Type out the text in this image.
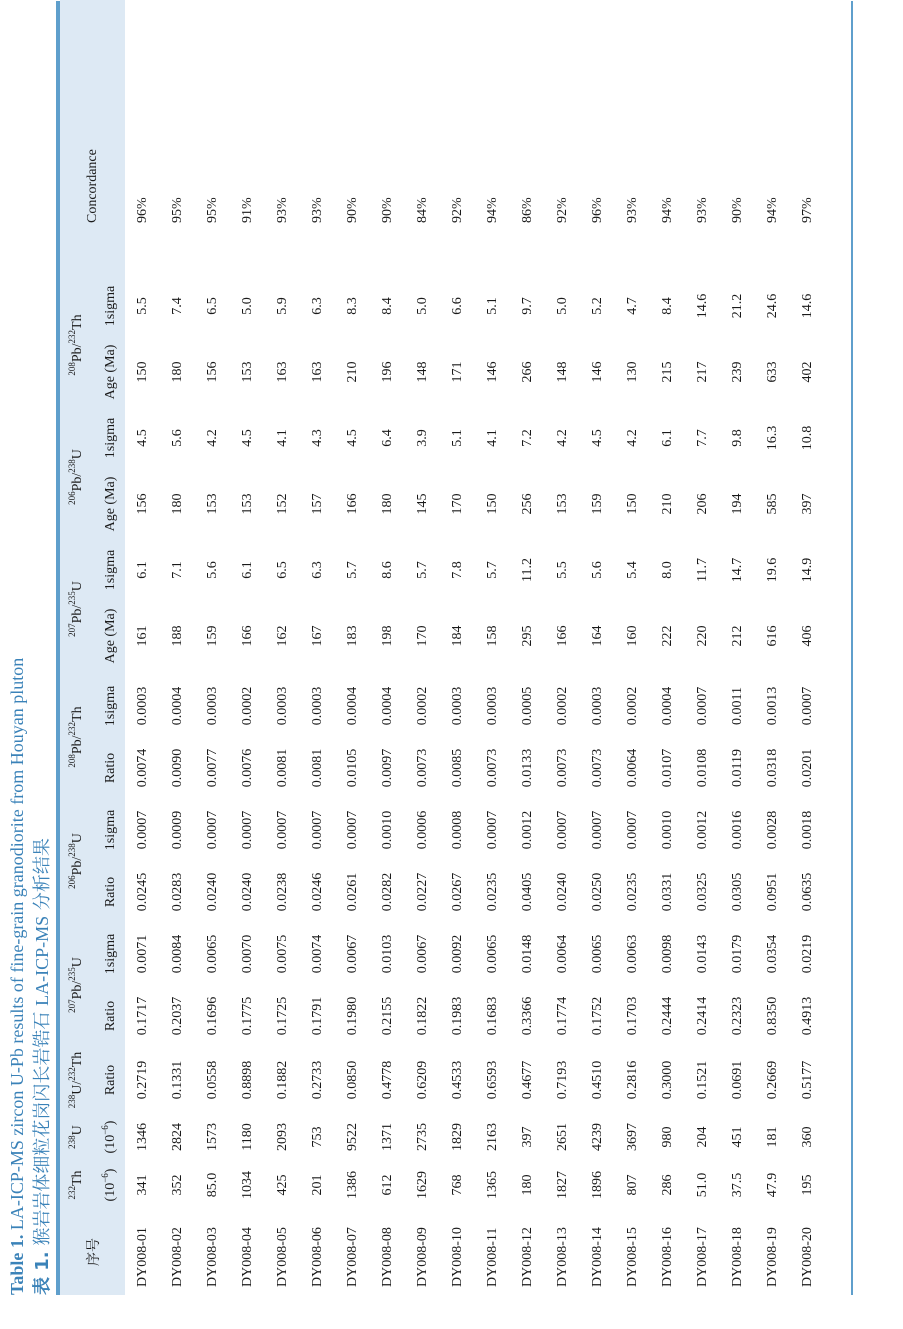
Table 1. LA-ICP-MS zircon U-Pb results of fine-grain granodiorite from Houyan pluton
表 1. 猴岩岩体细粒花岗闪长岩锆石 LA-ICP-MS 分析结果
序号	$^{232}$Th	$^{238}$U	$^{238}$U/$^{232}$Th	$^{207}$Pb/$^{235}$U		$^{206}$Pb/$^{238}$U		$^{208}$Pb/$^{232}$Th		$^{207}$Pb/$^{235}$U		$^{206}$Pb/$^{238}$U		$^{208}$Pb/$^{232}$Th		Concordance

	$(10^{-6})$	$(10^{-6})$	Ratio	Ratio	1sigma	Ratio	1sigma	Ratio	1sigma	Age (Ma)	1sigma	Age (Ma)	1sigma	Age (Ma)	1sigma	
DY008-01	341	1346	0.2719	0.1717	0.0071	0.0245	0.0007	0.0074	0.0003	161	6.1	156	4.5	150	5.5	96%
DY008-02	352	2824	0.1331	0.2037	0.0084	0.0283	0.0009	0.0090	0.0004	188	7.1	180	5.6	180	7.4	95%
DY008-03	85.0	1573	0.0558	0.1696	0.0065	0.0240	0.0007	0.0077	0.0003	159	5.6	153	4.2	156	6.5	95%
DY008-04	1034	1180	0.8898	0.1775	0.0070	0.0240	0.0007	0.0076	0.0002	166	6.1	153	4.5	153	5.0	91%
DY008-05	425	2093	0.1882	0.1725	0.0075	0.0238	0.0007	0.0081	0.0003	162	6.5	152	4.1	163	5.9	93%
DY008-06	201	753	0.2733	0.1791	0.0074	0.0246	0.0007	0.0081	0.0003	167	6.3	157	4.3	163	6.3	93%
DY008-07	1386	9522	0.0850	0.1980	0.0067	0.0261	0.0007	0.0105	0.0004	183	5.7	166	4.5	210	8.3	90%
DY008-08	612	1371	0.4778	0.2155	0.0103	0.0282	0.0010	0.0097	0.0004	198	8.6	180	6.4	196	8.4	90%
DY008-09	1629	2735	0.6209	0.1822	0.0067	0.0227	0.0006	0.0073	0.0002	170	5.7	145	3.9	148	5.0	84%
DY008-10	768	1829	0.4533	0.1983	0.0092	0.0267	0.0008	0.0085	0.0003	184	7.8	170	5.1	171	6.6	92%
DY008-11	1365	2163	0.6593	0.1683	0.0065	0.0235	0.0007	0.0073	0.0003	158	5.7	150	4.1	146	5.1	94%
DY008-12	180	397	0.4677	0.3366	0.0148	0.0405	0.0012	0.0133	0.0005	295	11.2	256	7.2	266	9.7	86%
DY008-13	1827	2651	0.7193	0.1774	0.0064	0.0240	0.0007	0.0073	0.0002	166	5.5	153	4.2	148	5.0	92%
DY008-14	1896	4239	0.4510	0.1752	0.0065	0.0250	0.0007	0.0073	0.0003	164	5.6	159	4.5	146	5.2	96%
DY008-15	807	3697	0.2816	0.1703	0.0063	0.0235	0.0007	0.0064	0.0002	160	5.4	150	4.2	130	4.7	93%
DY008-16	286	980	0.3000	0.2444	0.0098	0.0331	0.0010	0.0107	0.0004	222	8.0	210	6.1	215	8.4	94%
DY008-17	51.0	204	0.1521	0.2414	0.0143	0.0325	0.0012	0.0108	0.0007	220	11.7	206	7.7	217	14.6	93%
DY008-18	37.5	451	0.0691	0.2323	0.0179	0.0305	0.0016	0.0119	0.0011	212	14.7	194	9.8	239	21.2	90%
DY008-19	47.9	181	0.2669	0.8350	0.0354	0.0951	0.0028	0.0318	0.0013	616	19.6	585	16.3	633	24.6	94%
DY008-20	195	360	0.5177	0.4913	0.0219	0.0635	0.0018	0.0201	0.0007	406	14.9	397	10.8	402	14.6	97%
